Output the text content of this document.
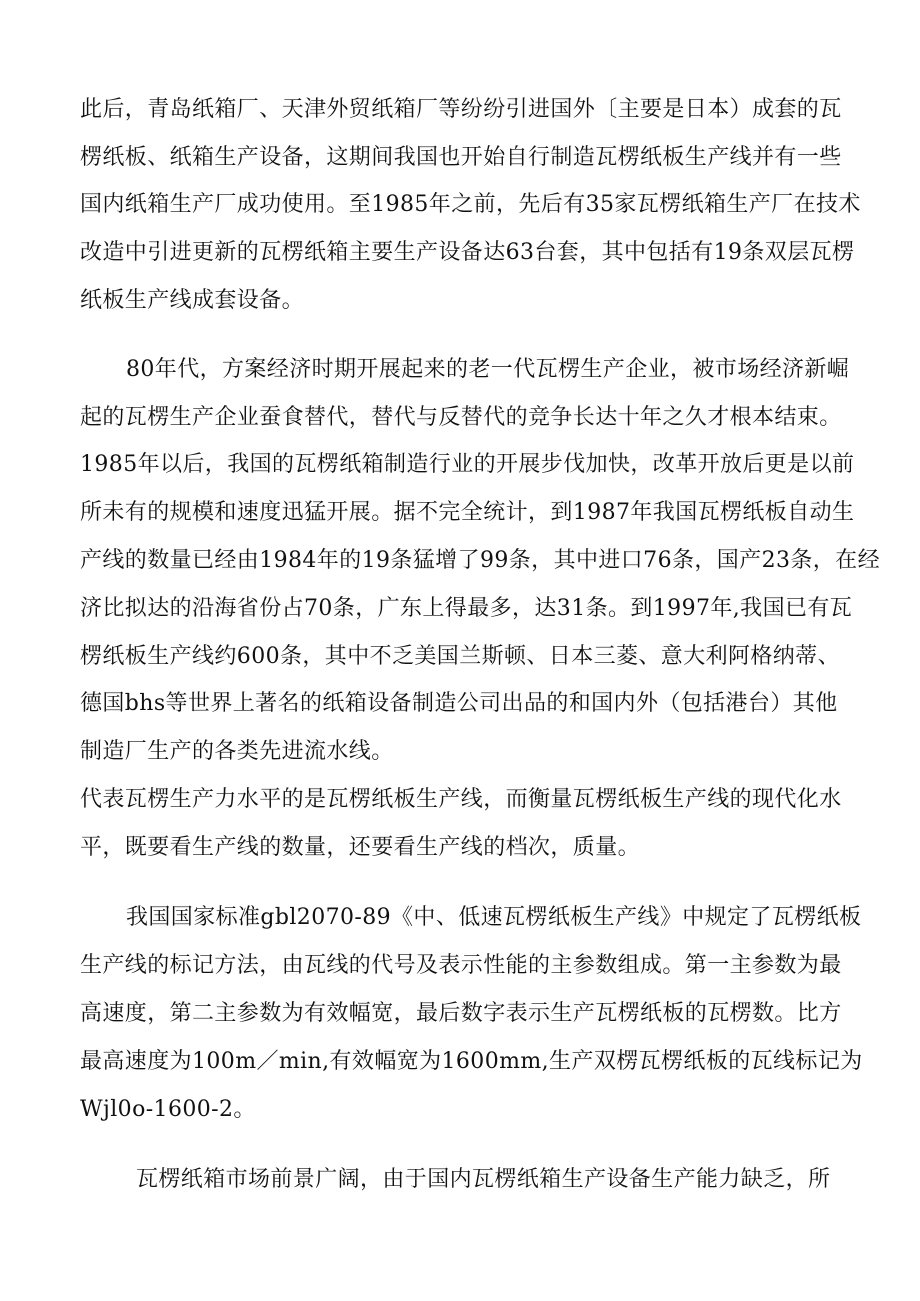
此后，青岛纸箱厂、天津外贸纸箱厂等纷纷引进国外〔主要是日本）成套的瓦
楞纸板、纸箱生产设备，这期间我国也开始自行制造瓦楞纸板生产线并有一些
国内纸箱生产厂成功使用。至1985年之前，先后有35家瓦楞纸箱生产厂在技术
改造中引进更新的瓦楞纸箱主要生产设备达63台套，其中包括有19条双层瓦楞
纸板生产线成套设备。
80年代，方案经济时期开展起来的老一代瓦楞生产企业，被市场经济新崛
起的瓦楞生产企业蚕食替代，替代与反替代的竞争长达十年之久才根本结束。
1985年以后，我国的瓦楞纸箱制造行业的开展步伐加快，改革开放后更是以前
所未有的规模和速度迅猛开展。据不完全统计，到1987年我国瓦楞纸板自动生
产线的数量已经由1984年的19条猛增了99条，其中进口76条，国产23条，在经
济比拟达的沿海省份占70条，广东上得最多，达31条。到1997年,我国已有瓦
楞纸板生产线约600条，其中不乏美国兰斯顿、日本三菱、意大利阿格纳蒂、
德国bhs等世界上著名的纸箱设备制造公司出品的和国内外（包括港台）其他
制造厂生产的各类先进流水线。
代表瓦楞生产力水平的是瓦楞纸板生产线，而衡量瓦楞纸板生产线的现代化水
平，既要看生产线的数量，还要看生产线的档次，质量。
我国国家标准gbl2070-89《中、低速瓦楞纸板生产线》中规定了瓦楞纸板
生产线的标记方法，由瓦线的代号及表示性能的主参数组成。第一主参数为最
高速度，第二主参数为有效幅宽，最后数字表示生产瓦楞纸板的瓦楞数。比方
最高速度为100m／min,有效幅宽为1600mm,生产双楞瓦楞纸板的瓦线标记为
Wjl0o-1600-2。
瓦楞纸箱市场前景广阔，由于国内瓦楞纸箱生产设备生产能力缺乏，所
